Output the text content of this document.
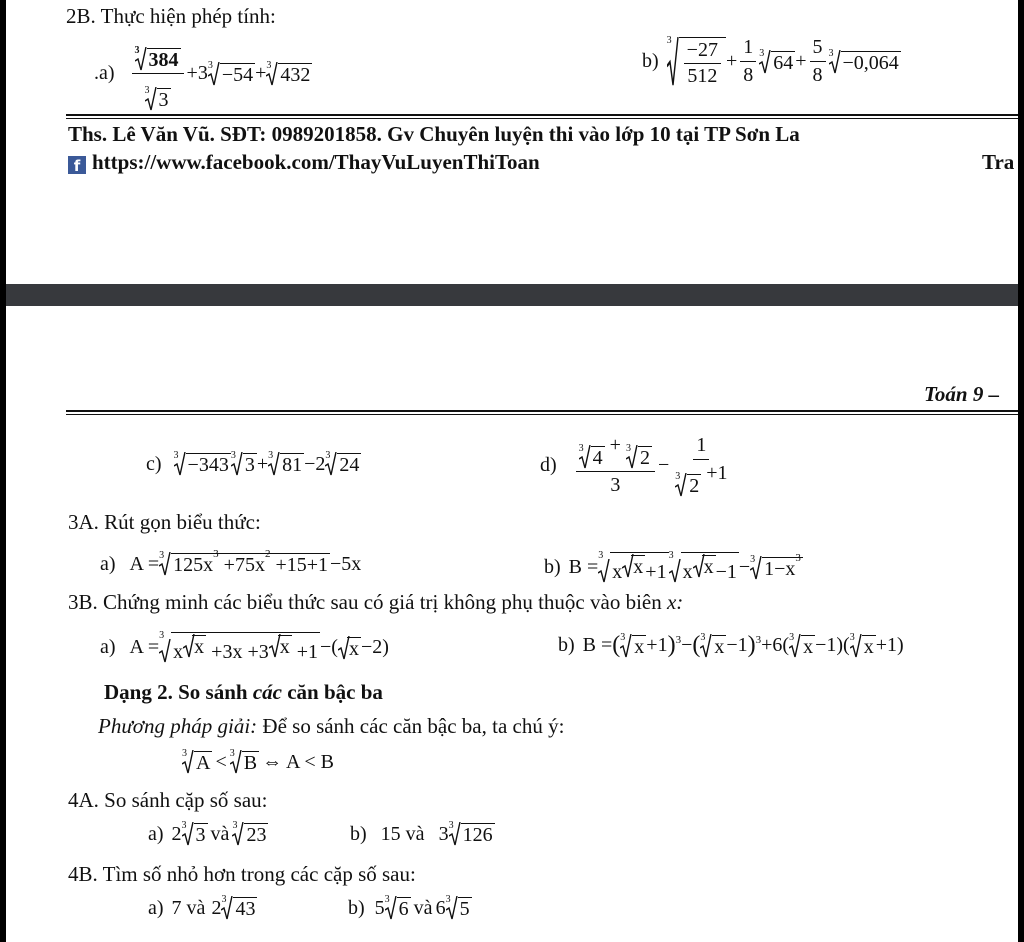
2B. Thực hiện phép tính:
$.a) \frac{3 384}{3 3} +3$ 3 −54 + 3 432
b)
$3 \frac{-27}{512} + \frac{1}{8} 3$ $64 + \frac{5}{8} 3 -0,064$
Ths. Lê Văn Vũ. SĐT: 0989201858. Gv Chuyên luyện thi vào lớp 10 tại TP Sơn La
f https://www.facebook.com/ThayVuLuyenThiToan	Tra
Toán 9 –
c) 3 −343 3 3 + 3 81 −2 3 24	d) 3 4
+ 3 2
3 − 1
3 2
+1
3A. Rút gọn biểu thức:
a) A = 3 $125x^3 +75x^2 +15+1 -5x$	b) B =
3
x x +1
3
x x −1 − 3 $1-x^3$
3B. Chứng minh các biểu thức sau có giá trị không phụ thuộc vào biên x:
a) A =
3
x x +3x +3 x +1 −( x −2)	b) B = ( 3 x +1 ) 3 − ( 3 x −1 ) 3 +6( 3 x −1)( 3 x +1)
Dạng 2. So sánh các căn bậc ba
Phương pháp giải: Để so sánh các căn bậc ba, ta chú ý:
3 A < 3 B ⇔ A < B
4A. So sánh cặp số sau:
a) 2 3 3 và 3 23	b) 15 và 3 3 126
4B. Tìm số nhỏ hơn trong các cặp số sau:
a) 7 và 2 3 43	b) 5 3 6 và 6 3 5
